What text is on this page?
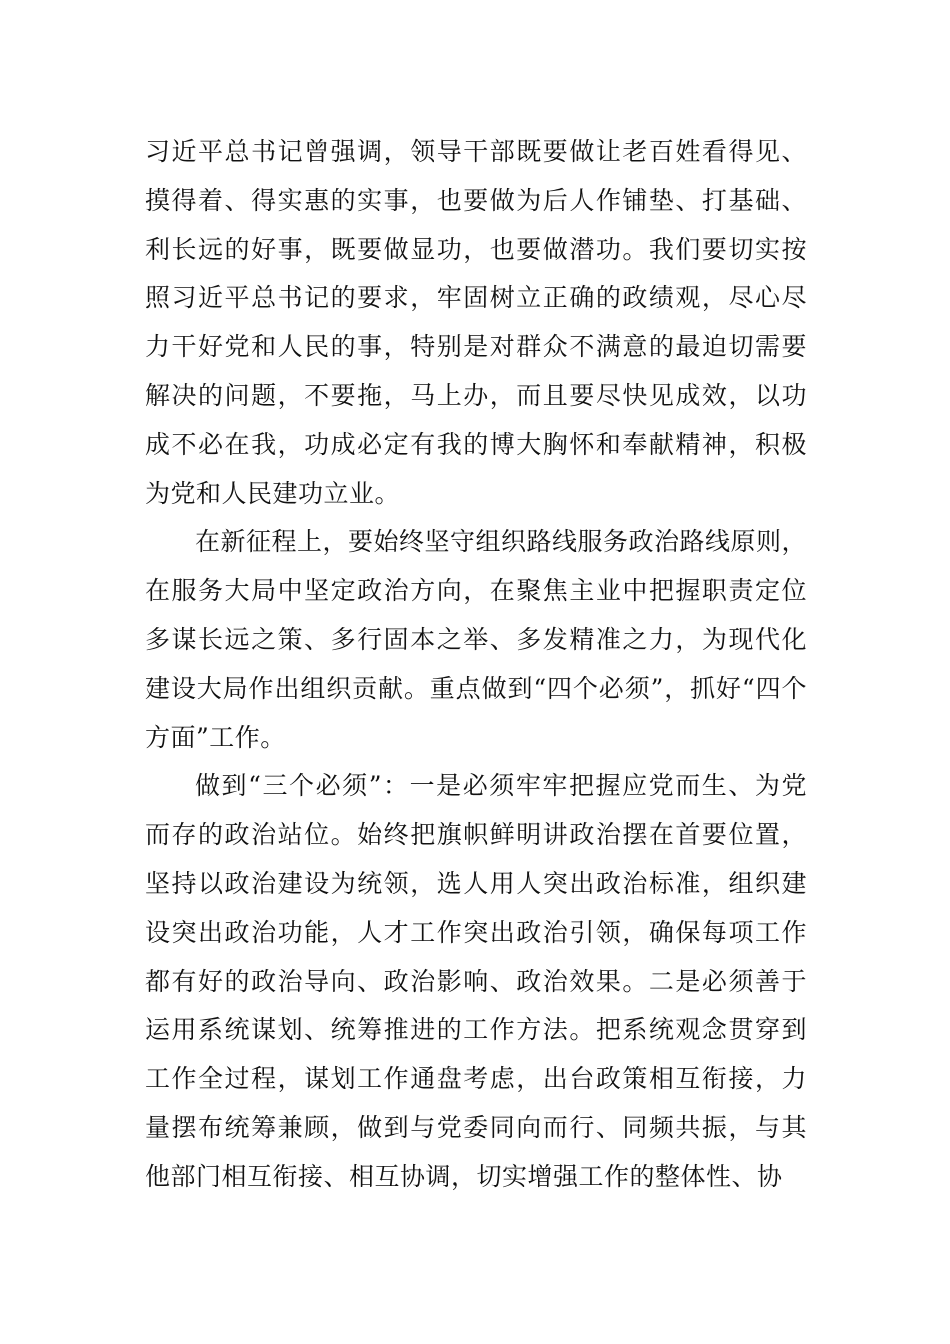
习近平总书记曾强调，领导干部既要做让老百姓看得见、摸得着、得实惠的实事，也要做为后人作铺垫、打基础、利长远的好事，既要做显功，也要做潜功。我们要切实按照习近平总书记的要求，牢固树立正确的政绩观，尽心尽力干好党和人民的事，特别是对群众不满意的最迫切需要解决的问题，不要拖，马上办，而且要尽快见成效，以功成不必在我，功成必定有我的博大胸怀和奉献精神，积极为党和人民建功立业。

在新征程上，要始终坚守组织路线服务政治路线原则，在服务大局中坚定政治方向，在聚焦主业中把握职责定位多谋长远之策、多行固本之举、多发精准之力，为现代化建设大局作出组织贡献。重点做到“四个必须”，抓好“四个方面”工作。

做到“三个必须”：一是必须牢牢把握应党而生、为党而存的政治站位。始终把旗帜鲜明讲政治摆在首要位置，坚持以政治建设为统领，选人用人突出政治标准，组织建设突出政治功能，人才工作突出政治引领，确保每项工作都有好的政治导向、政治影响、政治效果。二是必须善于运用系统谋划、统筹推进的工作方法。把系统观念贯穿到工作全过程，谋划工作通盘考虑，出台政策相互衔接，力量摆布统筹兼顾，做到与党委同向而行、同频共振，与其他部门相互衔接、相互协调，切实增强工作的整体性、协
